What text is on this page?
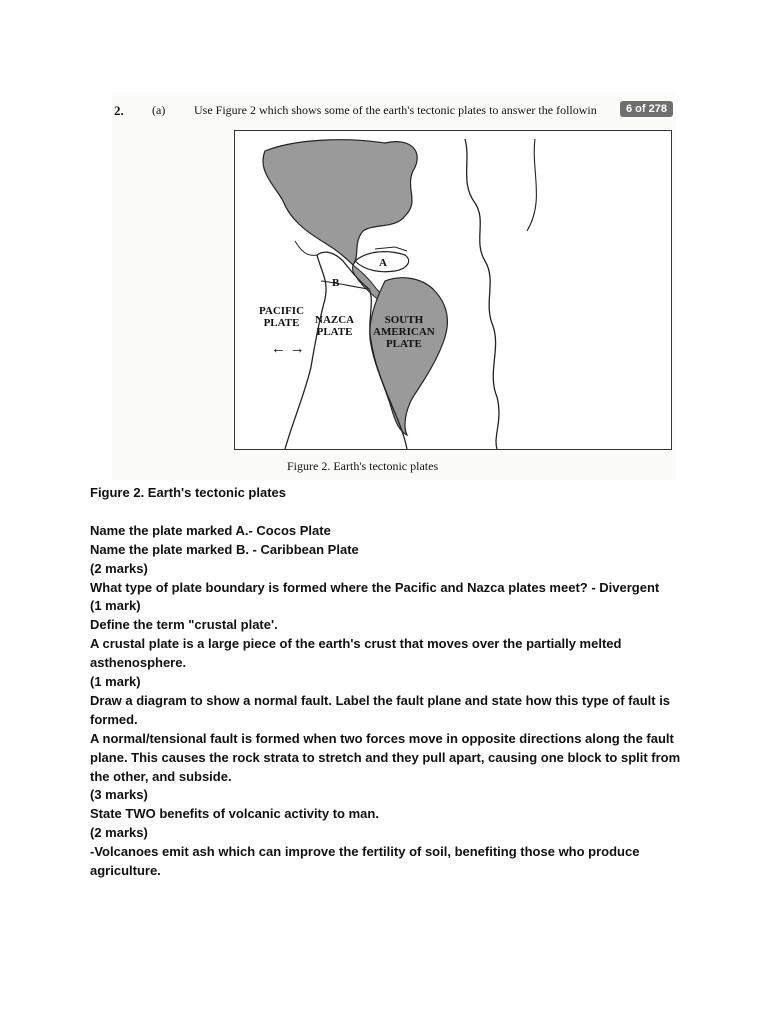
2. (a) Use Figure 2 which shows some of the earth's tectonic plates to answer the followin	6 of 278
A
B
PACIFIC
PLATE	NAZCA
PLATE
SOUTH
AMERICAN
PLATE
← →
Figure 2. Earth's tectonic plates

Figure 2. Earth's tectonic plates

Name the plate marked A.- Cocos Plate

Name the plate marked B. - Caribbean Plate

(2 marks)

What type of plate boundary is formed where the Pacific and Nazca plates meet? - Divergent

(1 mark)

Define the term "crustal plate'.

A crustal plate is a large piece of the earth's crust that moves over the partially melted asthenosphere.

(1 mark)

Draw a diagram to show a normal fault. Label the fault plane and state how this type of fault is formed.

A normal/tensional fault is formed when two forces move in opposite directions along the fault plane. This causes the rock strata to stretch and they pull apart, causing one block to split from the other, and subside.

(3 marks)

State TWO benefits of volcanic activity to man.

(2 marks)

-Volcanoes emit ash which can improve the fertility of soil, benefiting those who produce agriculture.
